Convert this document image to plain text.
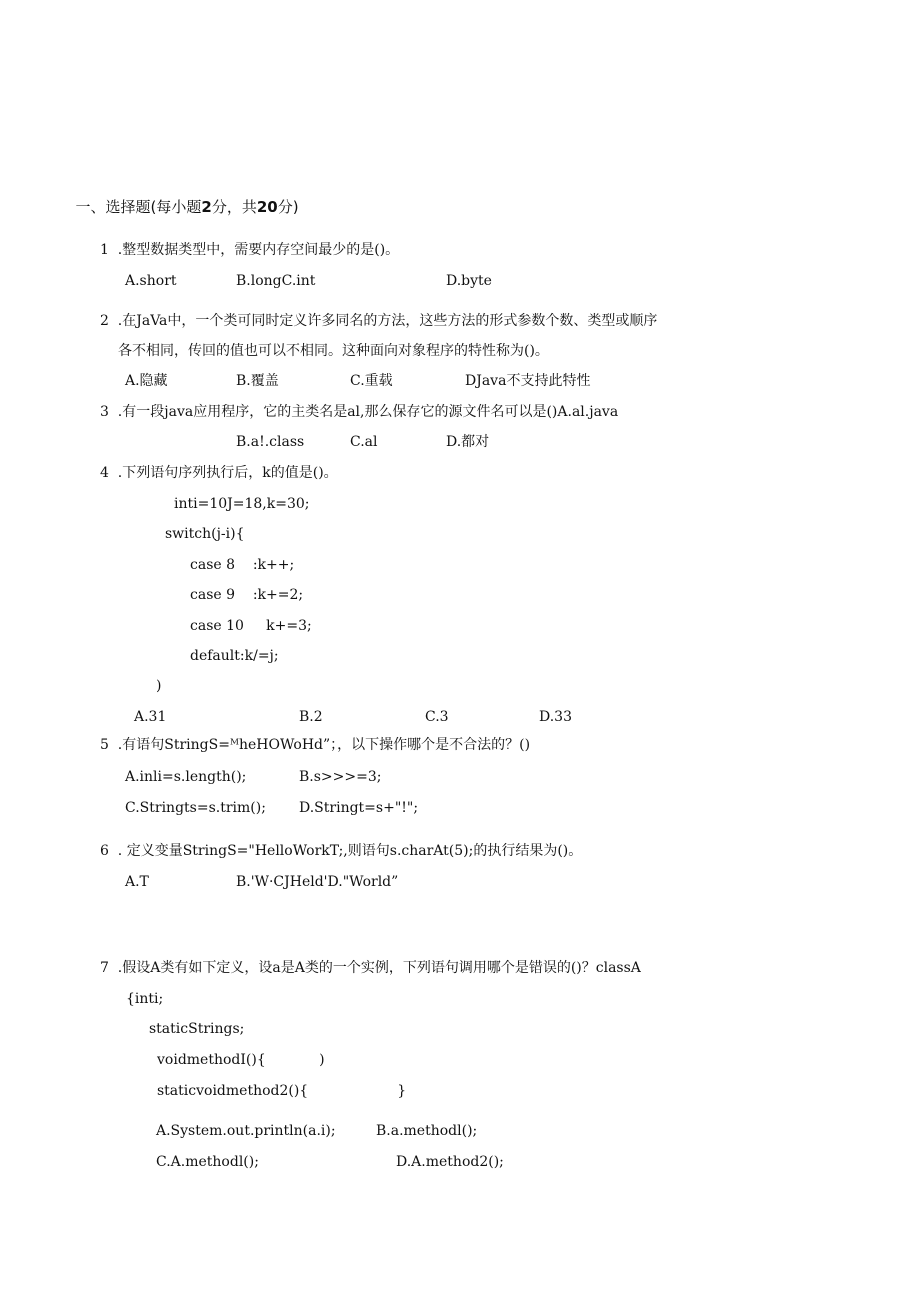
一、选择题(每小题2分，共20分)

1  .整型数据类型中，需要内存空间最少的是()。
A.short	B.longC.int	D.byte
2  .在JaVa中，一个类可同时定义许多同名的方法，这些方法的形式参数个数、类型或顺序
各不相同，传回的值也可以不相同。这种面向对象程序的特性称为()。
A.隐藏	B.覆盖	C.重载	DJava不支持此特性
3  .有一段java应用程序，它的主类名是al,那么保存它的源文件名可以是()A.al.java
B.a!.class	C.al	D.都对
4  .下列语句序列执行后，k的值是()。
inti=10J=18,k=30;
switch(j-i){
case 8    :k++;
case 9    :k+=2;
case 10     k+=3;
default:k/=j;
)
A.31	B.2	C.3	D.33
5  .有语句StringS=ᴹheHOWoHd”；，以下操作哪个是不合法的？()
A.inli=s.length();	B.s>>>=3;
C.Stringts=s.trim(); D.Stringt=s+"!";
6  . 定义变量StringS="HelloWorkT;,则语句s.charAt(5);的执行结果为()。
A.T	B.'W·CJHeld'D."World”
7  .假设A类有如下定义，设a是A类的一个实例，下列语句调用哪个是错误的()？classA
{inti;
staticStrings;
voidmethodI(){            )
staticvoidmethod2(){                    }
A.System.out.println(a.i);	B.a.methodl();
C.A.methodl();	D.A.method2();
